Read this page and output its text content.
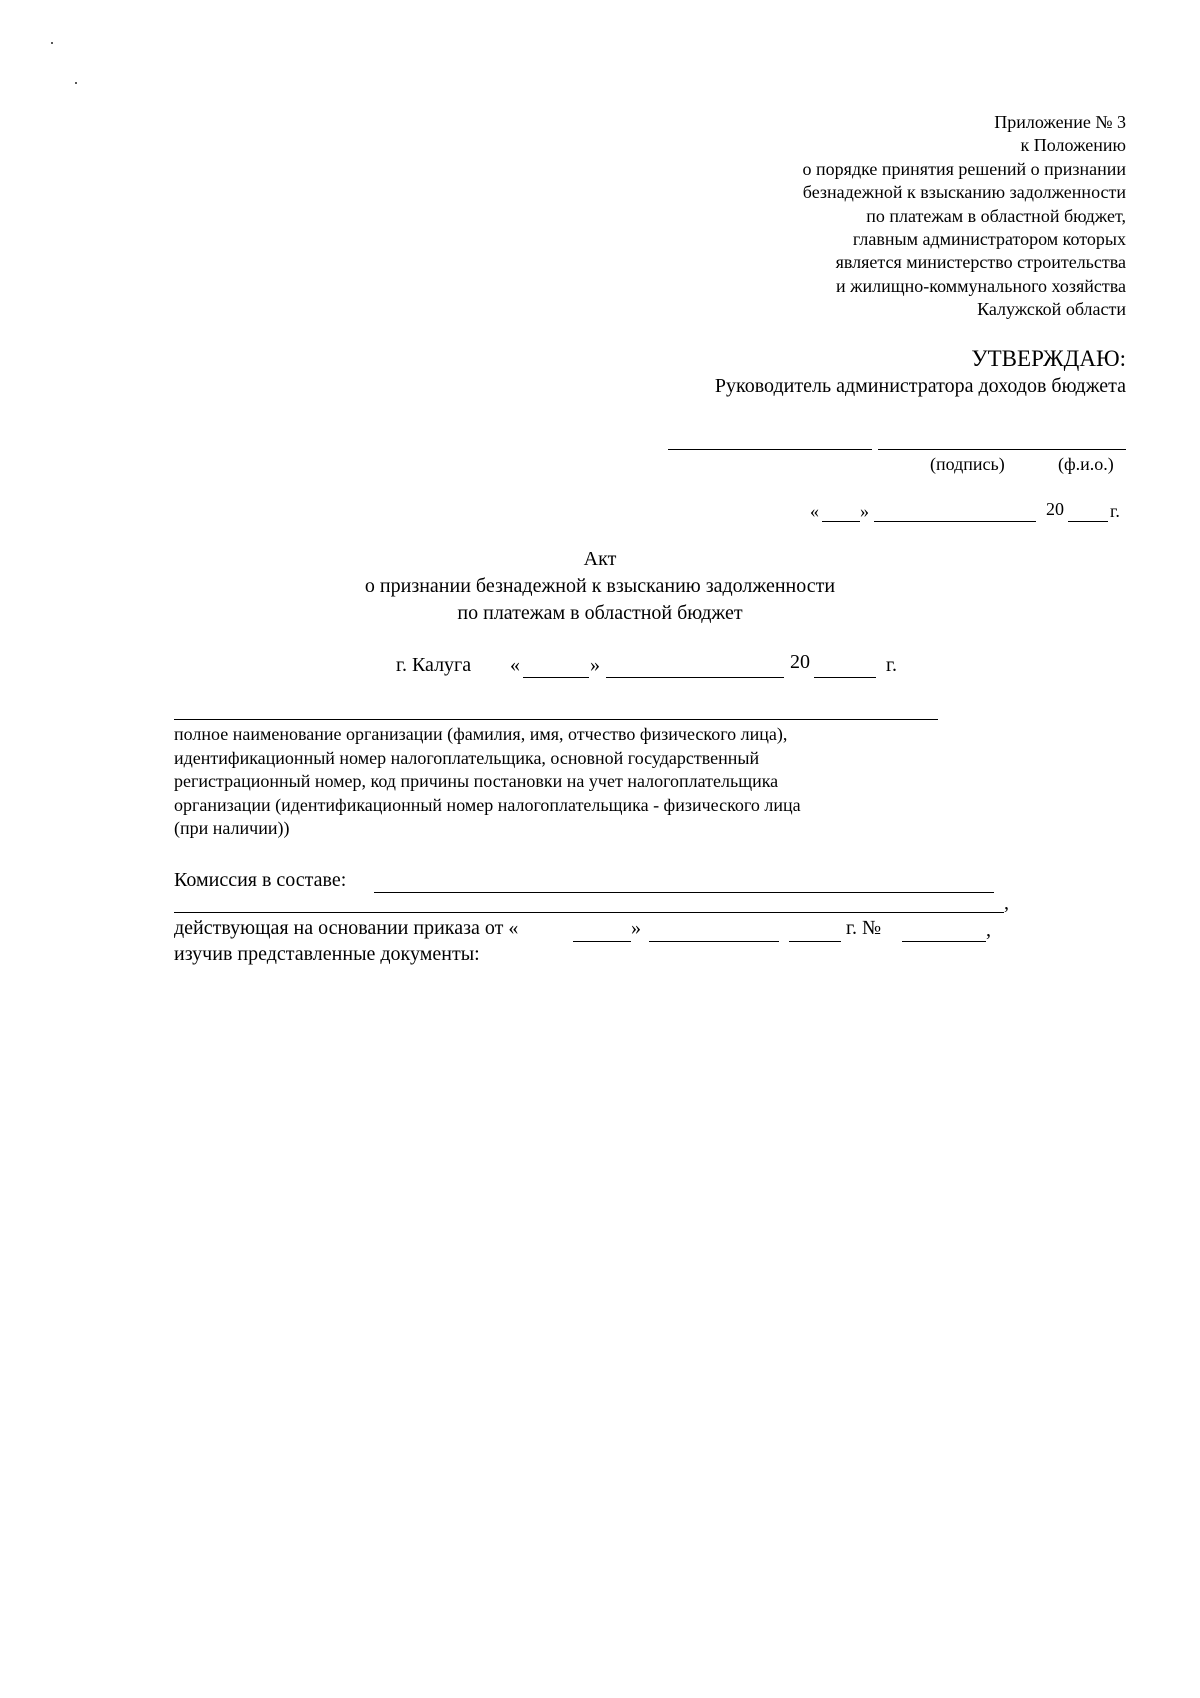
Приложение № 3
к Положению
о порядке принятия решений о признании
безнадежной к взысканию задолженности
по платежам в областной бюджет,
главным администратором которых
является министерство строительства
и жилищно-коммунального хозяйства
Калужской области
УТВЕРЖДАЮ:
Руководитель администратора доходов бюджета
(подпись)	(ф.и.о.)
« »	20	г.
Акт
о признании безнадежной к взысканию задолженности
по платежам в областной бюджет
г. Калуга «	»	20	г.
полное наименование организации (фамилия, имя, отчество физического лица),
идентификационный номер налогоплательщика, основной государственный
регистрационный номер, код причины постановки на учет налогоплательщика
организации (идентификационный номер налогоплательщика - физического лица
(при наличии))
Комиссия в составе:
,
действующая на основании приказа от «	»	г. №	,
изучив представленные документы:
